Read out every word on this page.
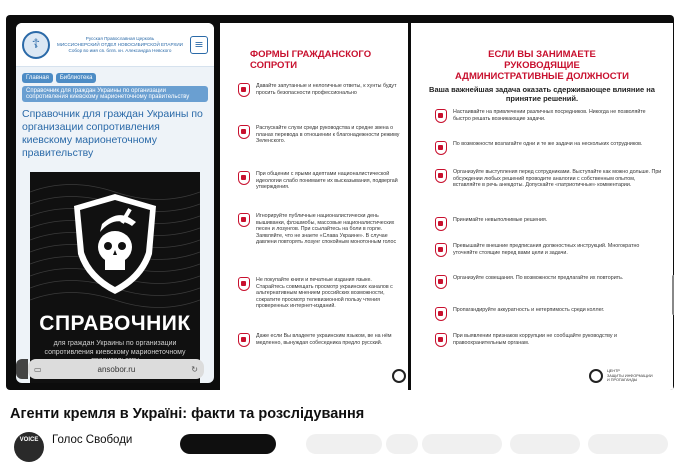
☦	Русская Православная Церковь
МИССИОНЕРСКИЙ ОТДЕЛ НОВОСИБИРСКОЙ ЕПАРХИИ
Собор во имя св. блгв. кн. Александра Невского	≡
Главная	Библиотека
Справочник для граждан Украины по организации сопротивления киевскому марионеточному правительству
Справочник для граждан Украины по организации сопротивления киевскому марионеточному правительству
СПРАВОЧНИК
для граждан Украины по организации сопротивления киевскому марионеточному
▭	ansobor.ru	↻
ФОРМЫ ГРАЖДАНСКОГО СОПРОТИ
Давайте запутанные и нелогичные ответы, к хунты будут просить безопасности профессионально
Распускайте слухи среди руководства и средне звена о планах перевода в отношении к благонадежности режиму Зеленского.
При общении с ярыми адептами националистической идеологии слабо понимаете их высказывания, подвергай утверждения.
Игнорируйте публичные националистически день вышиванки, флэшмобы, массовые националистических песен и лозунгов. При ссылайтесь на боли в горле. Заявляйте, что не знаете «Слава Украине». В случае давлени повторять лозунг спокойным монотонным голос
Не покупайте книги и печатные издания языке. Старайтесь совмещать просмотр украинских каналов с альтернативным мнением российских возможности, сократите просмотр телевизионной пользу чтения проверенных интернет-изданий.
Даже если Вы владеете украинским языком, ве на нём медленно, вынуждая собеседника предло русский.
ЕСЛИ ВЫ ЗАНИМАЕТЕ РУКОВОДЯЩИЕ АДМИНИСТРАТИВНЫЕ ДОЛЖНОСТИ
Ваша важнейшая задача оказать сдерживающее влияние на принятие решений.
Настаивайте на привлечении различных посредников. Никогда не позволяйте быстро решать возникающие задачи.
По возможности возлагайте одни и те же задачи на нескольких сотрудников.
Организуйте выступления перед сотрудниками. Выступайте как можно дольше. При обсуждении любых решений проводите аналогии с собственным опытом, вставляйте в речь анекдоты. Допускайте «патриотичные» комментарии.
Принимайте невыполнимые решения.
Превышайте внешние предписания должностных инструкций. Многократно уточняйте стоящие перед вами цели и задачи.
Организуйте совещания. По возможности предлагайте их повторить.
Пропагандируйте аккуратность и нетерпимость среди коллег.
При выявлении признаков коррупции не сообщайте руководству и правоохранительным органам.
ЦЕНТР
ЗАЩИТЫ ИНФОРМАЦИИ
И ПРОПАГАНДЫ
Агенти кремля в Україні: факти та розслідування
VOICE	Голос Свободи
